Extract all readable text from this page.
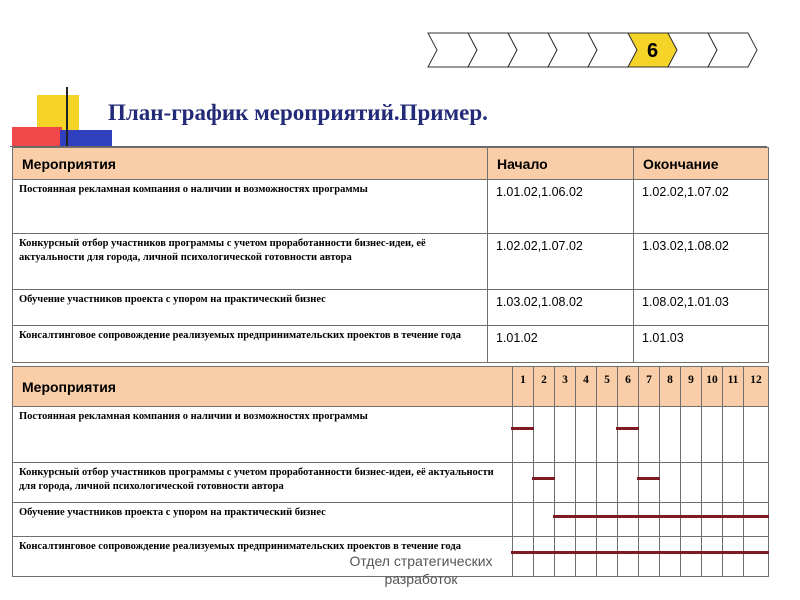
6
План-график мероприятий.Пример.
Мероприятия	Начало	Окончание
Постоянная рекламная компания о наличии и возможностях программы	1.01.02,1.06.02	1.02.02,1.07.02
Конкурсный отбор участников программы с учетом проработанности бизнес-идеи, её актуальности для города, личной психологической готовности автора	1.02.02,1.07.02	1.03.02,1.08.02
Обучение участников проекта с упором на практический бизнес	1.03.02,1.08.02	1.08.02,1.01.03
Консалтинговое сопровождение реализуемых предпринимательских проектов в течение года	1.01.02	1.01.03
Мероприятия	1	2	3	4	5	6	7	8	9	10	11	12
Постоянная рекламная компания о наличии и возможностях программы												
Конкурсный отбор участников программы с учетом проработанности бизнес-идеи, её актуальности для города, личной психологической готовности автора												
Обучение участников проекта с упором на практический бизнес												
Консалтинговое сопровождение реализуемых предпринимательских проектов в течение года												
Отдел стратегических
разработок
